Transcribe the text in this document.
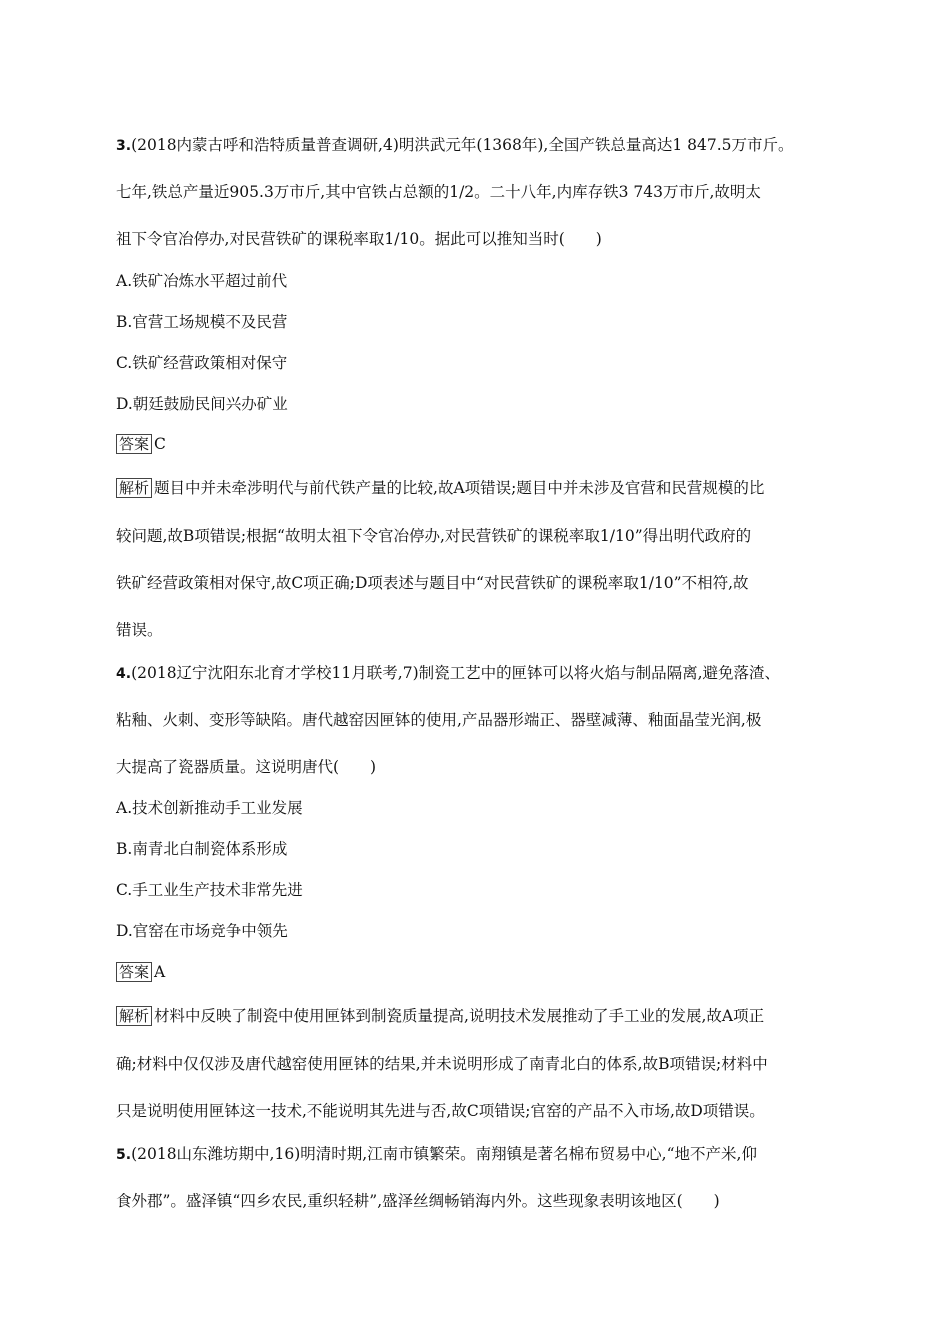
3.(2018内蒙古呼和浩特质量普查调研,4)明洪武元年(1368年),全国产铁总量高达1 847.5万市斤。
七年,铁总产量近905.3万市斤,其中官铁占总额的1/2。二十八年,内库存铁3 743万市斤,故明太
祖下令官冶停办,对民营铁矿的课税率取1/10。据此可以推知当时(　　)
A.铁矿冶炼水平超过前代
B.官营工场规模不及民营
C.铁矿经营政策相对保守
D.朝廷鼓励民间兴办矿业
答案 C
解析 题目中并未牵涉明代与前代铁产量的比较,故A项错误;题目中并未涉及官营和民营规模的比
较问题,故B项错误;根据“故明太祖下令官冶停办,对民营铁矿的课税率取1/10”得出明代政府的
铁矿经营政策相对保守,故C项正确;D项表述与题目中“对民营铁矿的课税率取1/10”不相符,故
错误。
4.(2018辽宁沈阳东北育才学校11月联考,7)制瓷工艺中的匣钵可以将火焰与制品隔离,避免落渣、
粘釉、火刺、变形等缺陷。唐代越窑因匣钵的使用,产品器形端正、器壁减薄、釉面晶莹光润,极
大提高了瓷器质量。这说明唐代(　　)
A.技术创新推动手工业发展
B.南青北白制瓷体系形成
C.手工业生产技术非常先进
D.官窑在市场竞争中领先
答案 A
解析 材料中反映了制瓷中使用匣钵到制瓷质量提高,说明技术发展推动了手工业的发展,故A项正
确;材料中仅仅涉及唐代越窑使用匣钵的结果,并未说明形成了南青北白的体系,故B项错误;材料中
只是说明使用匣钵这一技术,不能说明其先进与否,故C项错误;官窑的产品不入市场,故D项错误。
5.(2018山东潍坊期中,16)明清时期,江南市镇繁荣。南翔镇是著名棉布贸易中心,“地不产米,仰
食外郡”。盛泽镇“四乡农民,重织轻耕”,盛泽丝绸畅销海内外。这些现象表明该地区(　　)
